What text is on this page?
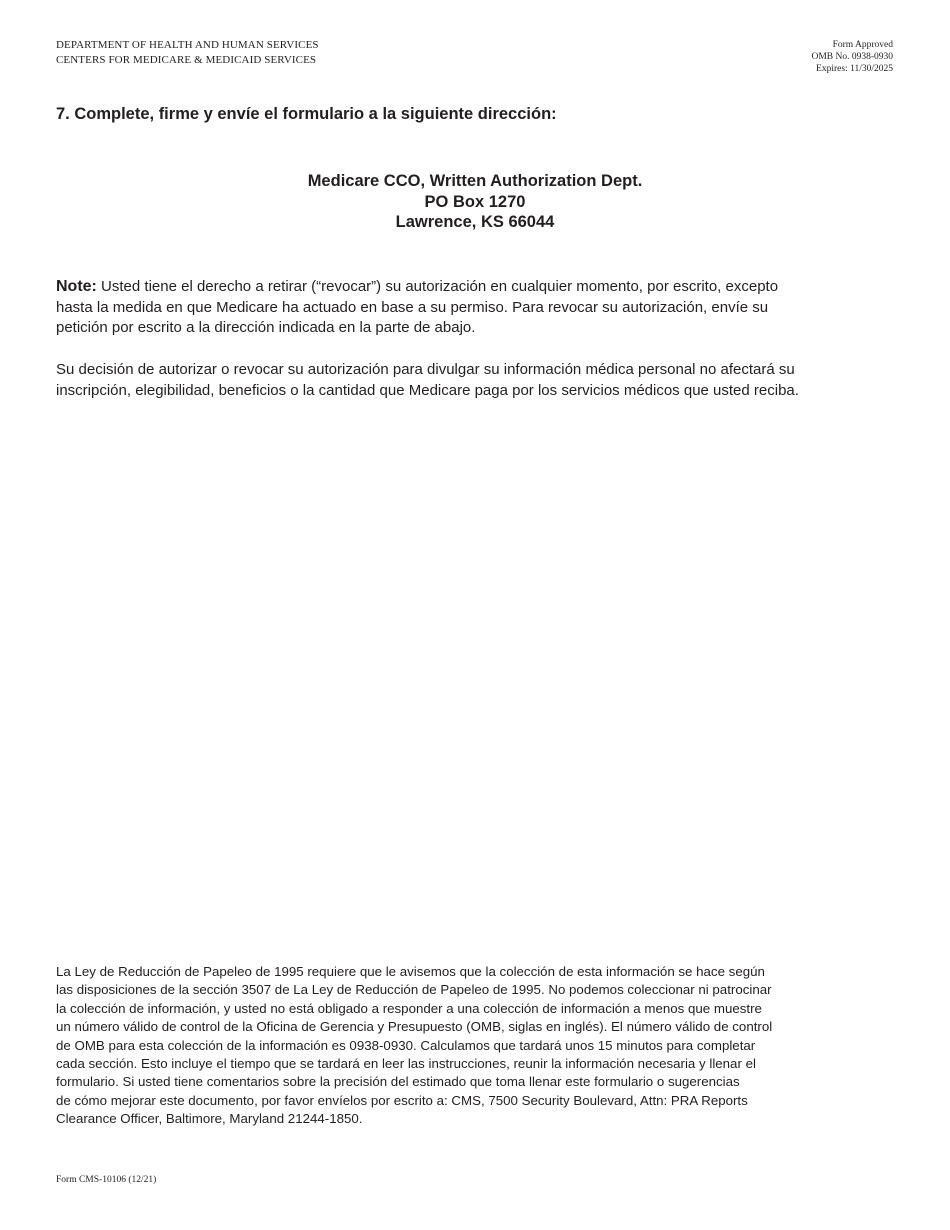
DEPARTMENT OF HEALTH AND HUMAN SERVICES
CENTERS FOR MEDICARE & MEDICAID SERVICES
Form Approved
OMB No. 0938-0930
Expires: 11/30/2025
7. Complete, firme y envíe el formulario a la siguiente dirección:
Medicare CCO, Written Authorization Dept.
PO Box 1270
Lawrence, KS 66044

Note: Usted tiene el derecho a retirar (“revocar”) su autorización en cualquier momento, por escrito, excepto
hasta la medida en que Medicare ha actuado en base a su permiso. Para revocar su autorización, envíe su
petición por escrito a la dirección indicada en la parte de abajo.

Su decisión de autorizar o revocar su autorización para divulgar su información médica personal no afectará su
inscripción, elegibilidad, beneficios o la cantidad que Medicare paga por los servicios médicos que usted reciba.

La Ley de Reducción de Papeleo de 1995 requiere que le avisemos que la colección de esta información se hace según
las disposiciones de la sección 3507 de La Ley de Reducción de Papeleo de 1995. No podemos coleccionar ni patrocinar
la colección de información, y usted no está obligado a responder a una colección de información a menos que muestre
un número válido de control de la Oficina de Gerencia y Presupuesto (OMB, siglas en inglés). El número válido de control
de OMB para esta colección de la información es 0938-0930. Calculamos que tardará unos 15 minutos para completar
cada sección. Esto incluye el tiempo que se tardará en leer las instrucciones, reunir la información necesaria y llenar el
formulario. Si usted tiene comentarios sobre la precisión del estimado que toma llenar este formulario o sugerencias
de cómo mejorar este documento, por favor envíelos por escrito a: CMS, 7500 Security Boulevard, Attn: PRA Reports
Clearance Officer, Baltimore, Maryland 21244-1850.

Form CMS-10106 (12/21)
